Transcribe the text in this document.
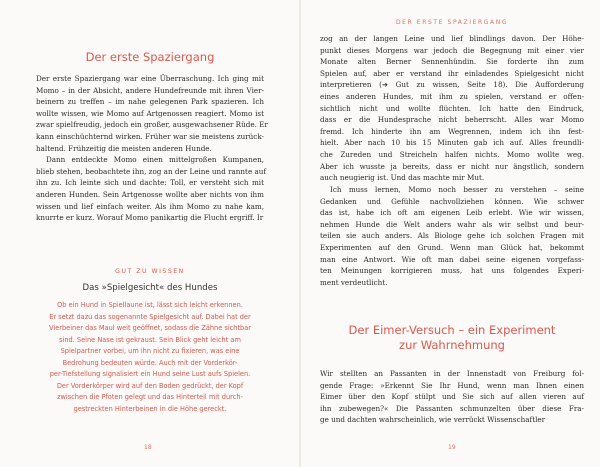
DER ERSTE SPAZIERGANG
Der erste Spaziergang

Der erste Spaziergang war eine Überraschung. Ich ging mit

Momo – in der Absicht, andere Hundefreunde mit ihren Vier-

beinern zu treffen – im nahe gelegenen Park spazieren. Ich

wollte wissen, wie Momo auf Artgenossen reagiert. Momo ist

zwar spielfreudig, jedoch ein großer, ausgewachsener Rüde. Er

kann einschüchternd wirken. Früher war sie meistens zurück-

haltend. Frühzeitig die meisten anderen Hunde.

Dann entdeckte Momo einen mittelgroßen Kumpanen,

blieb stehen, beobachtete ihn, zog an der Leine und rannte auf

ihn zu. Ich leinte sich und dachte: Toll, er versteht sich mit

anderen Hunden. Sein Artgenosse wollte aber nichts von ihm

wissen und lief einfach weiter. Als ihm Momo zu nahe kam,

knurrte er kurz. Worauf Momo panikartig die Flucht ergriff. Ir

GUT ZU WISSEN
Das »Spielgesicht« des Hundes

Ob ein Hund in Spiellaune ist, lässt sich leicht erkennen.

Er setzt dazu das sogenannte Spielgesicht auf. Dabei hat der

Vierbeiner das Maul weit geöffnet, sodass die Zähne sichtbar

sind. Seine Nase ist gekraust. Sein Blick geht leicht am

Spielpartner vorbei, um ihn nicht zu fixieren, was eine

Bedrohung bedeuten würde. Auch mit der Vorderkör-

per-Tiefstellung signalisiert ein Hund seine Lust aufs Spielen.

Der Vorderkörper wird auf den Boden gedrückt, der Kopf

zwischen die Pfoten gelegt und das Hinterteil mit durch-

gestreckten Hinterbeinen in die Höhe gereckt.

18

zog an der langen Leine und lief blindlings davon. Der Höhe-

punkt dieses Morgens war jedoch die Begegnung mit einer vier

Monate alten Berner Sennenhündin. Sie forderte ihn zum

Spielen auf, aber er verstand ihr einladendes Spielgesicht nicht

interpretieren (➔ Gut zu wissen, Seite 18). Die Aufforderung

eines anderen Hundes, mit ihm zu spielen, verstand er offen-

sichtlich nicht und wollte flüchten. Ich hatte den Eindruck,

dass er die Hundesprache nicht beherrscht. Alles war Momo

fremd. Ich hinderte ihn am Wegrennen, indem ich ihn fest-

hielt. Aber nach 10 bis 15 Minuten gab ich auf. Alles freundli-

che Zureden und Streicheln halfen nichts. Momo wollte weg.

Aber ich wusste ja bereits, dass er nicht nur ängstlich, sondern

auch neugierig ist. Und das machte mir Mut.

Ich muss lernen, Momo noch besser zu verstehen – seine

Gedanken und Gefühle nachvollziehen können. Wie schwer

das ist, habe ich oft am eigenen Leib erlebt. Wie wir wissen,

nehmen Hunde die Welt anders wahr als wir selbst und beur-

teilen sie auch anders. Als Biologe gehe ich solchen Fragen mit

Experimenten auf den Grund. Wenn man Glück hat, bekommt

man eine Antwort. Wie oft man dabei seine eigenen vorgefass-

ten Meinungen korrigieren muss, hat uns folgendes Experi-

ment verdeutlicht.

Der Eimer-Versuch – ein Experiment
zur Wahrnehmung

Wir stellten an Passanten in der Innenstadt von Freiburg fol-

gende Frage: »Erkennt Sie Ihr Hund, wenn man Ihnen einen

Eimer über den Kopf stülpt und Sie sich auf allen vieren auf

ihn zubewegen?« Die Passanten schmunzelten über diese Fra-

ge und dachten wahrscheinlich, wie verrückt Wissenschaftler

19
